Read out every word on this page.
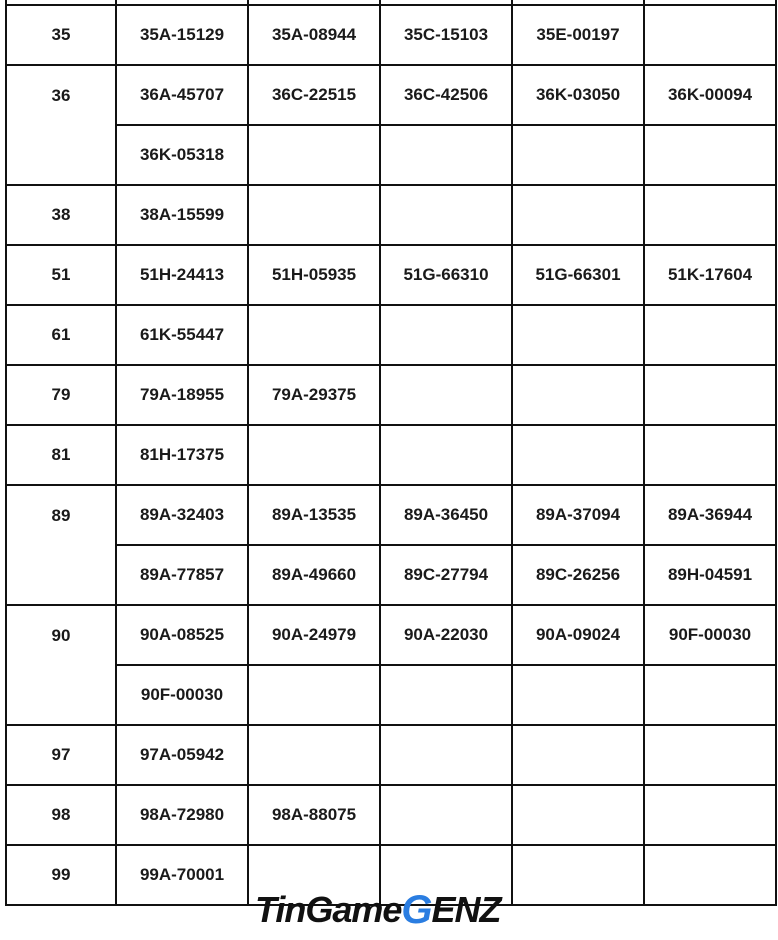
35	35A-15129	35A-08944	35C-15103	35E-00197	
36	36A-45707	36C-22515	36C-42506	36K-03050	36K-00094
	36K-05318				
38	38A-15599				
51	51H-24413	51H-05935	51G-66310	51G-66301	51K-17604
61	61K-55447				
79	79A-18955	79A-29375			
81	81H-17375				
89	89A-32403	89A-13535	89A-36450	89A-37094	89A-36944
	89A-77857	89A-49660	89C-27794	89C-26256	89H-04591
90	90A-08525	90A-24979	90A-22030	90A-09024	90F-00030
	90F-00030				
97	97A-05942				
98	98A-72980	98A-88075			
99	99A-70001				
TinGame G ENZ
